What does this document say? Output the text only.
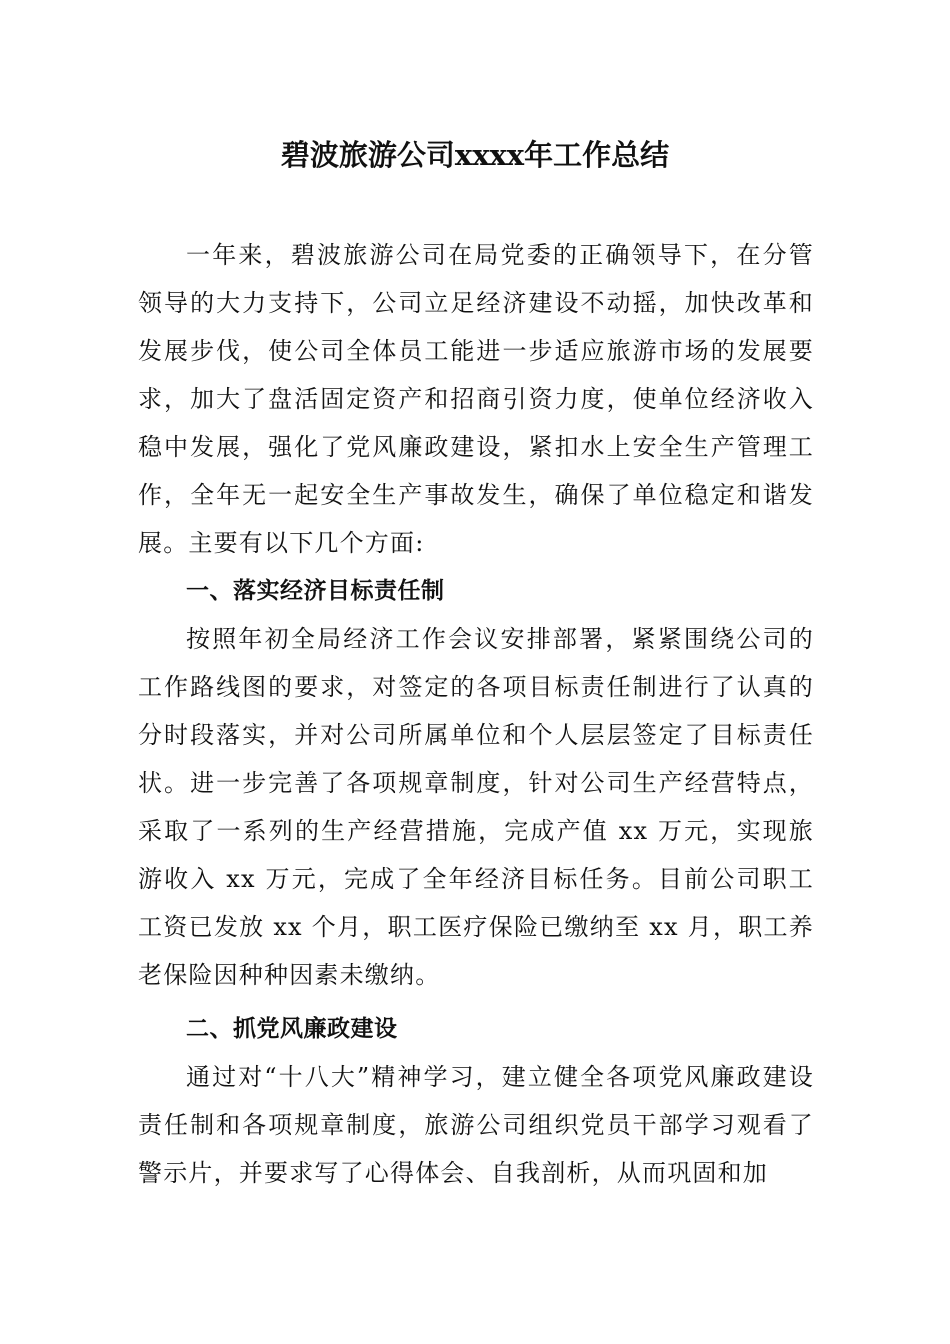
碧波旅游公司xxxx年工作总结

一年来，碧波旅游公司在局党委的正确领导下，在分管领导的大力支持下，公司立足经济建设不动摇，加快改革和发展步伐，使公司全体员工能进一步适应旅游市场的发展要求，加大了盘活固定资产和招商引资力度，使单位经济收入稳中发展，强化了党风廉政建设，紧扣水上安全生产管理工作，全年无一起安全生产事故发生，确保了单位稳定和谐发展。主要有以下几个方面:

一、落实经济目标责任制

按照年初全局经济工作会议安排部署，紧紧围绕公司的工作路线图的要求，对签定的各项目标责任制进行了认真的分时段落实，并对公司所属单位和个人层层签定了目标责任状。进一步完善了各项规章制度，针对公司生产经营特点，采取了一系列的生产经营措施，完成产值 xx 万元，实现旅游收入 xx 万元，完成了全年经济目标任务。目前公司职工工资已发放 xx 个月，职工医疗保险已缴纳至 xx 月，职工养老保险因种种因素未缴纳。

二、抓党风廉政建设

通过对“十八大”精神学习，建立健全各项党风廉政建设责任制和各项规章制度，旅游公司组织党员干部学习观看了警示片，并要求写了心得体会、自我剖析，从而巩固和加
